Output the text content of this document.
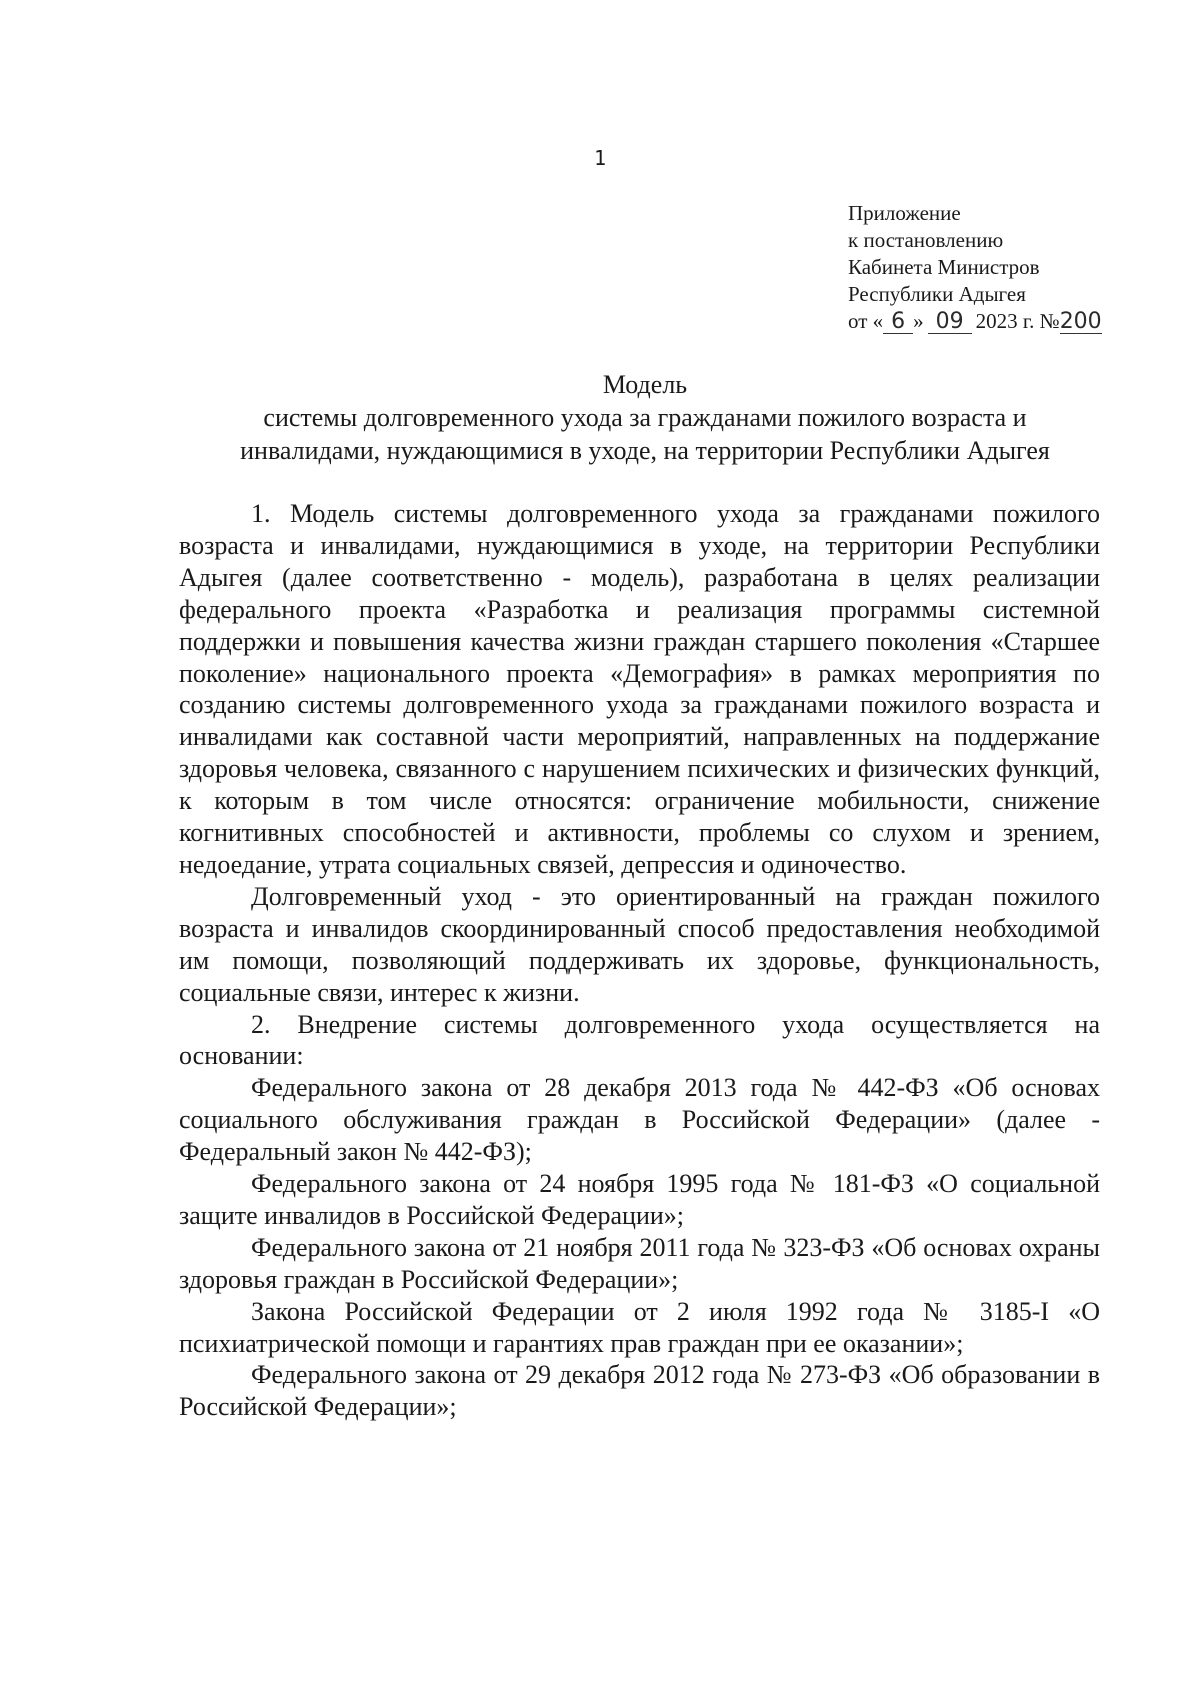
1
Приложение
к постановлению
Кабинета Министров
Республики Адыгея
от « 6 » 09 2023 г. №200
Модель
системы долговременного ухода за гражданами пожилого возраста и
инвалидами, нуждающимися в уходе, на территории Республики Адыгея

1. Модель системы долговременного ухода за гражданами пожилого возраста и инвалидами, нуждающимися в уходе, на территории Республики Адыгея (далее соответственно - модель), разработана в целях реализации федерального проекта «Разработка и реализация программы системной поддержки и повышения качества жизни граждан старшего поколения «Старшее поколение» национального проекта «Демография» в рамках мероприятия по созданию системы долговременного ухода за гражданами пожилого возраста и инвалидами как составной части мероприятий, направленных на поддержание здоровья человека, связанного с нарушением психических и физических функций, к которым в том числе относятся: ограничение мобильности, снижение когнитивных способностей и активности, проблемы со слухом и зрением, недоедание, утрата социальных связей, депрессия и одиночество.

Долговременный уход - это ориентированный на граждан пожилого возраста и инвалидов скоординированный способ предоставления необходимой им помощи, позволяющий поддерживать их здоровье, функциональность, социальные связи, интерес к жизни.

2. Внедрение системы долговременного ухода осуществляется на основании:

Федерального закона от 28 декабря 2013 года № 442-ФЗ «Об основах социального обслуживания граждан в Российской Федерации» (далее - Федеральный закон № 442-ФЗ);

Федерального закона от 24 ноября 1995 года № 181-ФЗ «О социальной защите инвалидов в Российской Федерации»;

Федерального закона от 21 ноября 2011 года № 323-ФЗ «Об основах охраны здоровья граждан в Российской Федерации»;

Закона Российской Федерации от 2 июля 1992 года № 3185-I «О психиатрической помощи и гарантиях прав граждан при ее оказании»;

Федерального закона от 29 декабря 2012 года № 273-ФЗ «Об образовании в Российской Федерации»;
